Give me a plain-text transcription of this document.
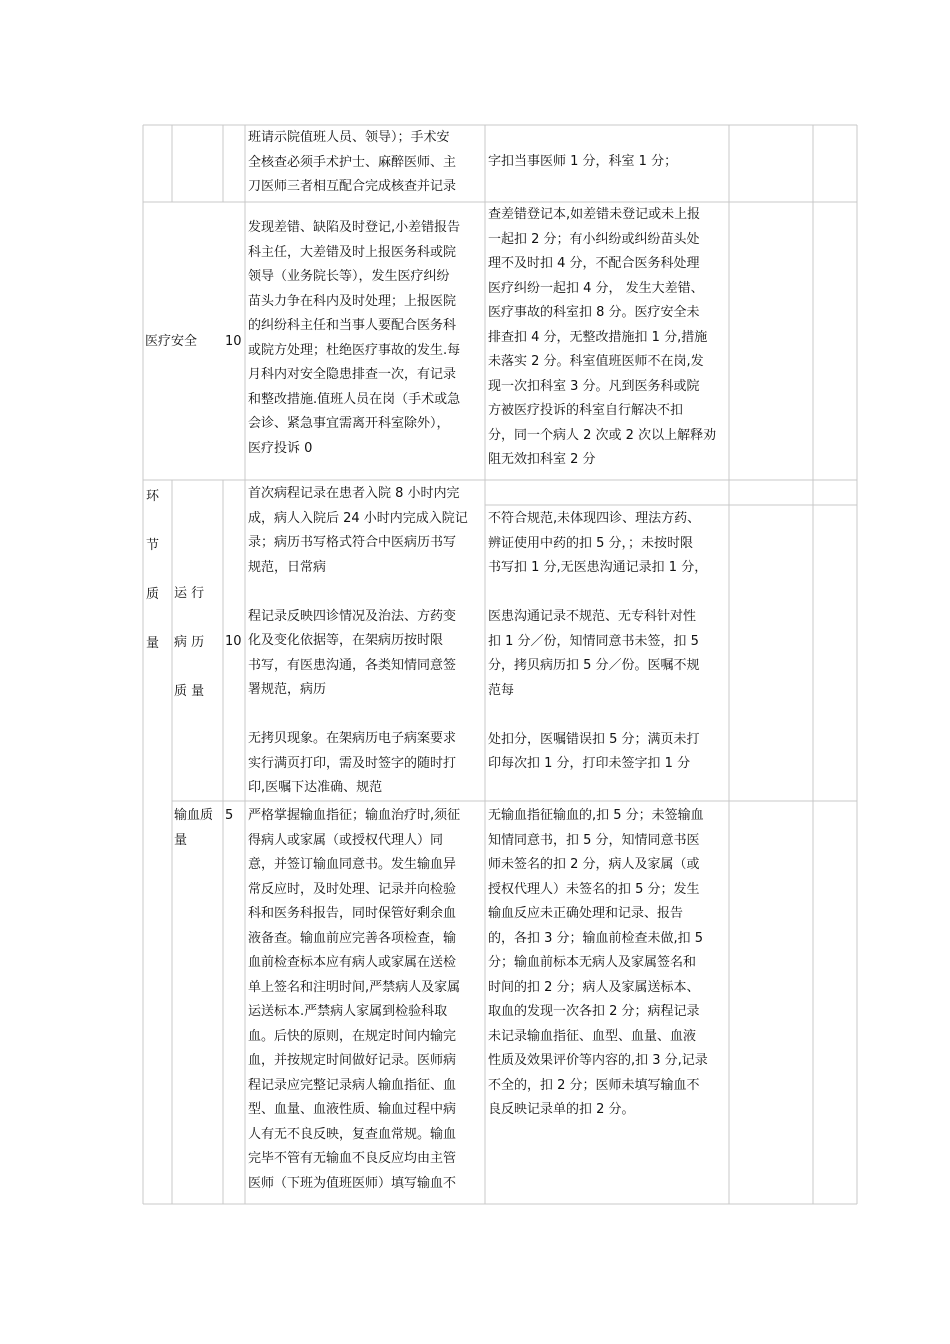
班请示院值班人员、领导）；手术安
全核查必须手术护士、麻醉医师、主
刀医师三者相互配合完成核查并记录
字扣当事医师 1 分，科室 1 分；
医疗安全	10
发现差错、缺陷及时登记,小差错报告
科主任，大差错及时上报医务科或院
领导（业务院长等），发生医疗纠纷
苗头力争在科内及时处理；上报医院
的纠纷科主任和当事人要配合医务科
或院方处理；杜绝医疗事故的发生.每
月科内对安全隐患排查一次，有记录
和整改措施.值班人员在岗（手术或急
会诊、紧急事宜需离开科室除外），
医疗投诉 0
查差错登记本,如差错未登记或未上报
一起扣 2 分；有小纠纷或纠纷苗头处
理不及时扣 4 分，不配合医务科处理
医疗纠纷一起扣 4 分， 发生大差错、
医疗事故的科室扣 8 分。医疗安全未
排查扣 4 分，无整改措施扣 1 分,措施
未落实 2 分。科室值班医师不在岗,发
现一次扣科室 3 分。凡到医务科或院
方被医疗投诉的科室自行解决不扣
分，同一个病人 2 次或 2 次以上解释劝
阻无效扣科室 2 分
环

节

质

量
运 行

病 历

质 量
10
首次病程记录在患者入院 8 小时内完
成，病人入院后 24 小时内完成入院记
录；病历书写格式符合中医病历书写
规范，日常病

程记录反映四诊情况及治法、方药变
化及变化依据等，在架病历按时限
书写，有医患沟通，各类知情同意签
署规范，病历

无拷贝现象。在架病历电子病案要求
实行满页打印，需及时签字的随时打
印,医嘱下达准确、规范
不符合规范,未体现四诊、理法方药、
辨证使用中药的扣 5 分，；未按时限
书写扣 1 分,无医患沟通记录扣 1 分，

医患沟通记录不规范、无专科针对性
扣 1 分／份，知情同意书未签，扣 5
分，拷贝病历扣 5 分／份。医嘱不规
范每

处扣分，医嘱错误扣 5 分；满页未打
印每次扣 1 分，打印未签字扣 1 分
输血质
量
5	严格掌握输血指征；输血治疗时,须征
得病人或家属（或授权代理人）同
意，并签订输血同意书。发生输血异
常反应时，及时处理、记录并向检验
科和医务科报告，同时保管好剩余血
液备查。输血前应完善各项检查，输
血前检查标本应有病人或家属在送检
单上签名和注明时间,严禁病人及家属
运送标本.严禁病人家属到检验科取
血。后快的原则，在规定时间内输完
血，并按规定时间做好记录。医师病
程记录应完整记录病人输血指征、血
型、血量、血液性质、输血过程中病
人有无不良反映，复查血常规。输血
完毕不管有无输血不良反应均由主管
医师（下班为值班医师）填写输血不
无输血指征输血的,扣 5 分；未签输血
知情同意书，扣 5 分，知情同意书医
师未签名的扣 2 分，病人及家属（或
授权代理人）未签名的扣 5 分；发生
输血反应未正确处理和记录、报告
的，各扣 3 分；输血前检查未做,扣 5
分；输血前标本无病人及家属签名和
时间的扣 2 分；病人及家属送标本、
取血的发现一次各扣 2 分；病程记录
未记录输血指征、血型、血量、血液
性质及效果评价等内容的,扣 3 分,记录
不全的，扣 2 分；医师未填写输血不
良反映记录单的扣 2 分。
